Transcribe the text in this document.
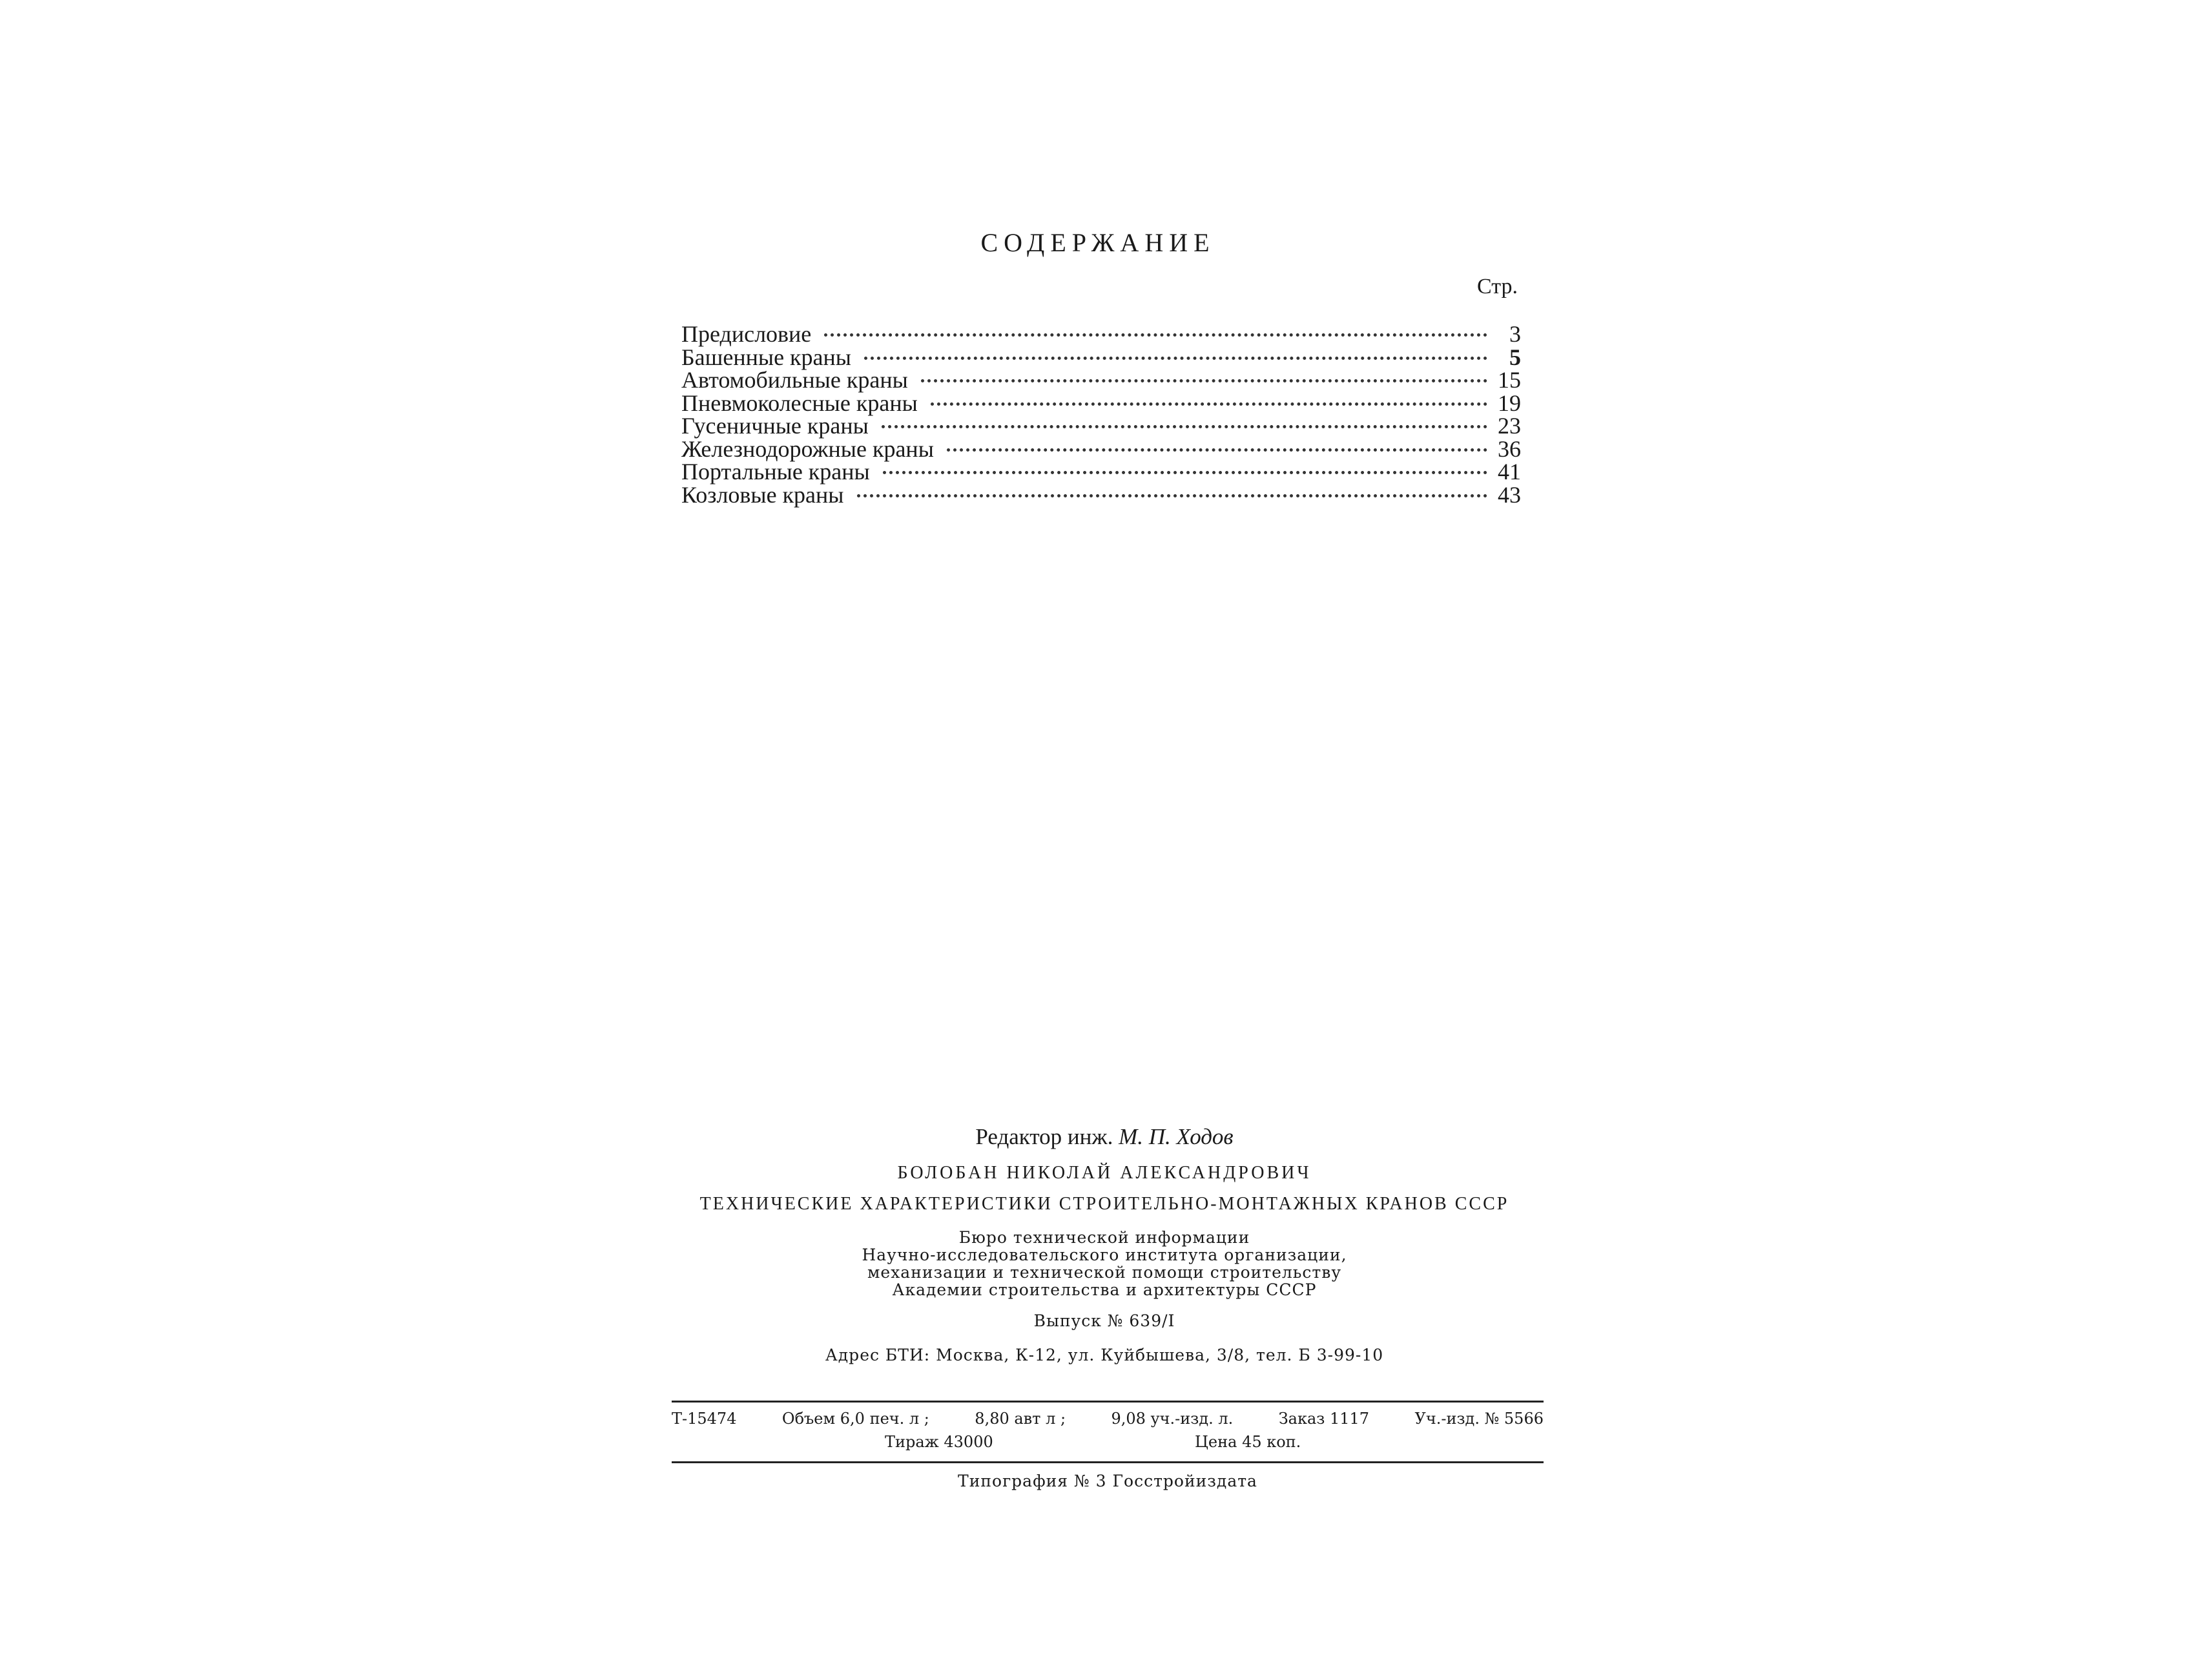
СОДЕРЖАНИЕ
Стр.
Предисловие	3
Башенные краны	5
Автомобильные краны	15
Пневмоколесные краны	19
Гусеничные краны	23
Железнодорожные краны	36
Портальные краны	41
Козловые краны	43
Редактор инж. М. П. Ходов
БОЛОБАН НИКОЛАЙ АЛЕКСАНДРОВИЧ
ТЕХНИЧЕСКИЕ ХАРАКТЕРИСТИКИ СТРОИТЕЛЬНО-МОНТАЖНЫХ КРАНОВ СССР
Бюро технической информации
Научно-исследовательского института организации,
механизации и технической помощи строительству
Академии строительства и архитектуры СССР
Выпуск № 639/I
Адрес БТИ: Москва, К-12, ул. Куйбышева, 3/8, тел. Б 3-99-10
Т-15474	Объем 6,0 печ. л ;	8,80 авт л ;	9,08 уч.-изд. л.	Заказ 1117	Уч.-изд. № 5566
Тираж 43000	Цена 45 коп.
Типография № 3 Госстройиздата
